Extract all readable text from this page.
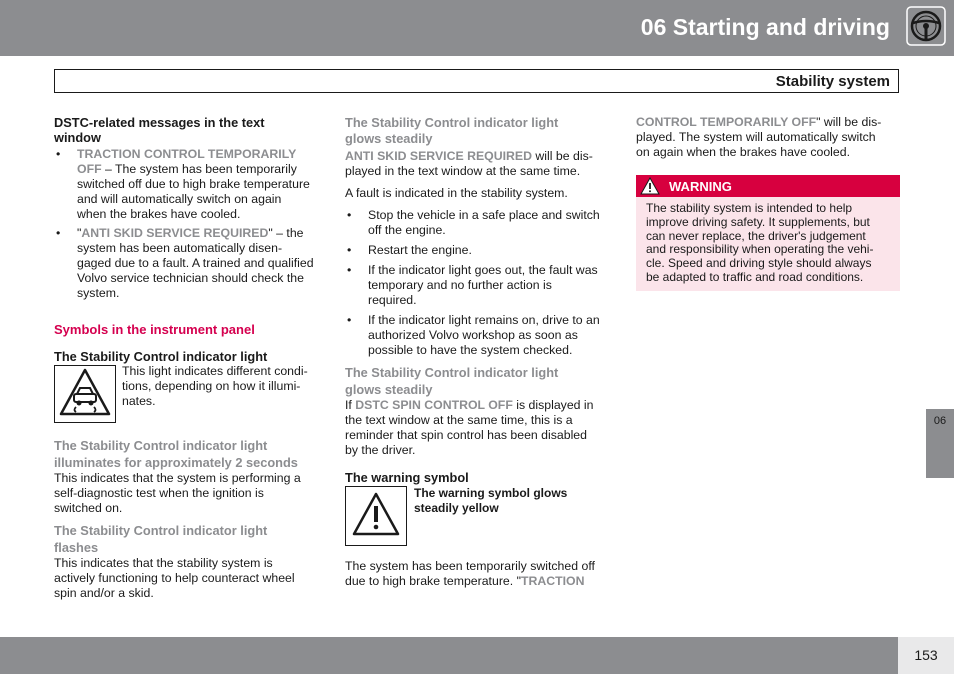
06 Starting and driving
Stability system

DSTC-related messages in the text
window

• TRACTION CONTROL TEMPORARILY
OFF – The system has been temporarily
switched off due to high brake temperature
and will automatically switch on again
when the brakes have cooled.
• "ANTI SKID SERVICE REQUIRED" – the
system has been automatically disen-
gaged due to a fault. A trained and qualified
Volvo service technician should check the
system.

Symbols in the instrument panel

The Stability Control indicator light

This light indicates different condi-
tions, depending on how it illumi-
nates.

The Stability Control indicator light
illuminates for approximately 2 seconds

This indicates that the system is performing a
self-diagnostic test when the ignition is
switched on.

The Stability Control indicator light
flashes

This indicates that the stability system is
actively functioning to help counteract wheel
spin and/or a skid.

The Stability Control indicator light
glows steadily

ANTI SKID SERVICE REQUIRED will be dis-
played in the text window at the same time.

A fault is indicated in the stability system.

• Stop the vehicle in a safe place and switch
off the engine.
• Restart the engine.
• If the indicator light goes out, the fault was
temporary and no further action is
required.
• If the indicator light remains on, drive to an
authorized Volvo workshop as soon as
possible to have the system checked.

The Stability Control indicator light
glows steadily

If DSTC SPIN CONTROL OFF is displayed in
the text window at the same time, this is a
reminder that spin control has been disabled
by the driver.

The warning symbol

The warning symbol glows
steadily yellow

The system has been temporarily switched off
due to high brake temperature. "TRACTION

CONTROL TEMPORARILY OFF" will be dis-
played. The system will automatically switch
on again when the brakes have cooled.

WARNING
The stability system is intended to help
improve driving safety. It supplements, but
can never replace, the driver's judgement
and responsibility when operating the vehi-
cle. Speed and driving style should always
be adapted to traffic and road conditions.
06
153
